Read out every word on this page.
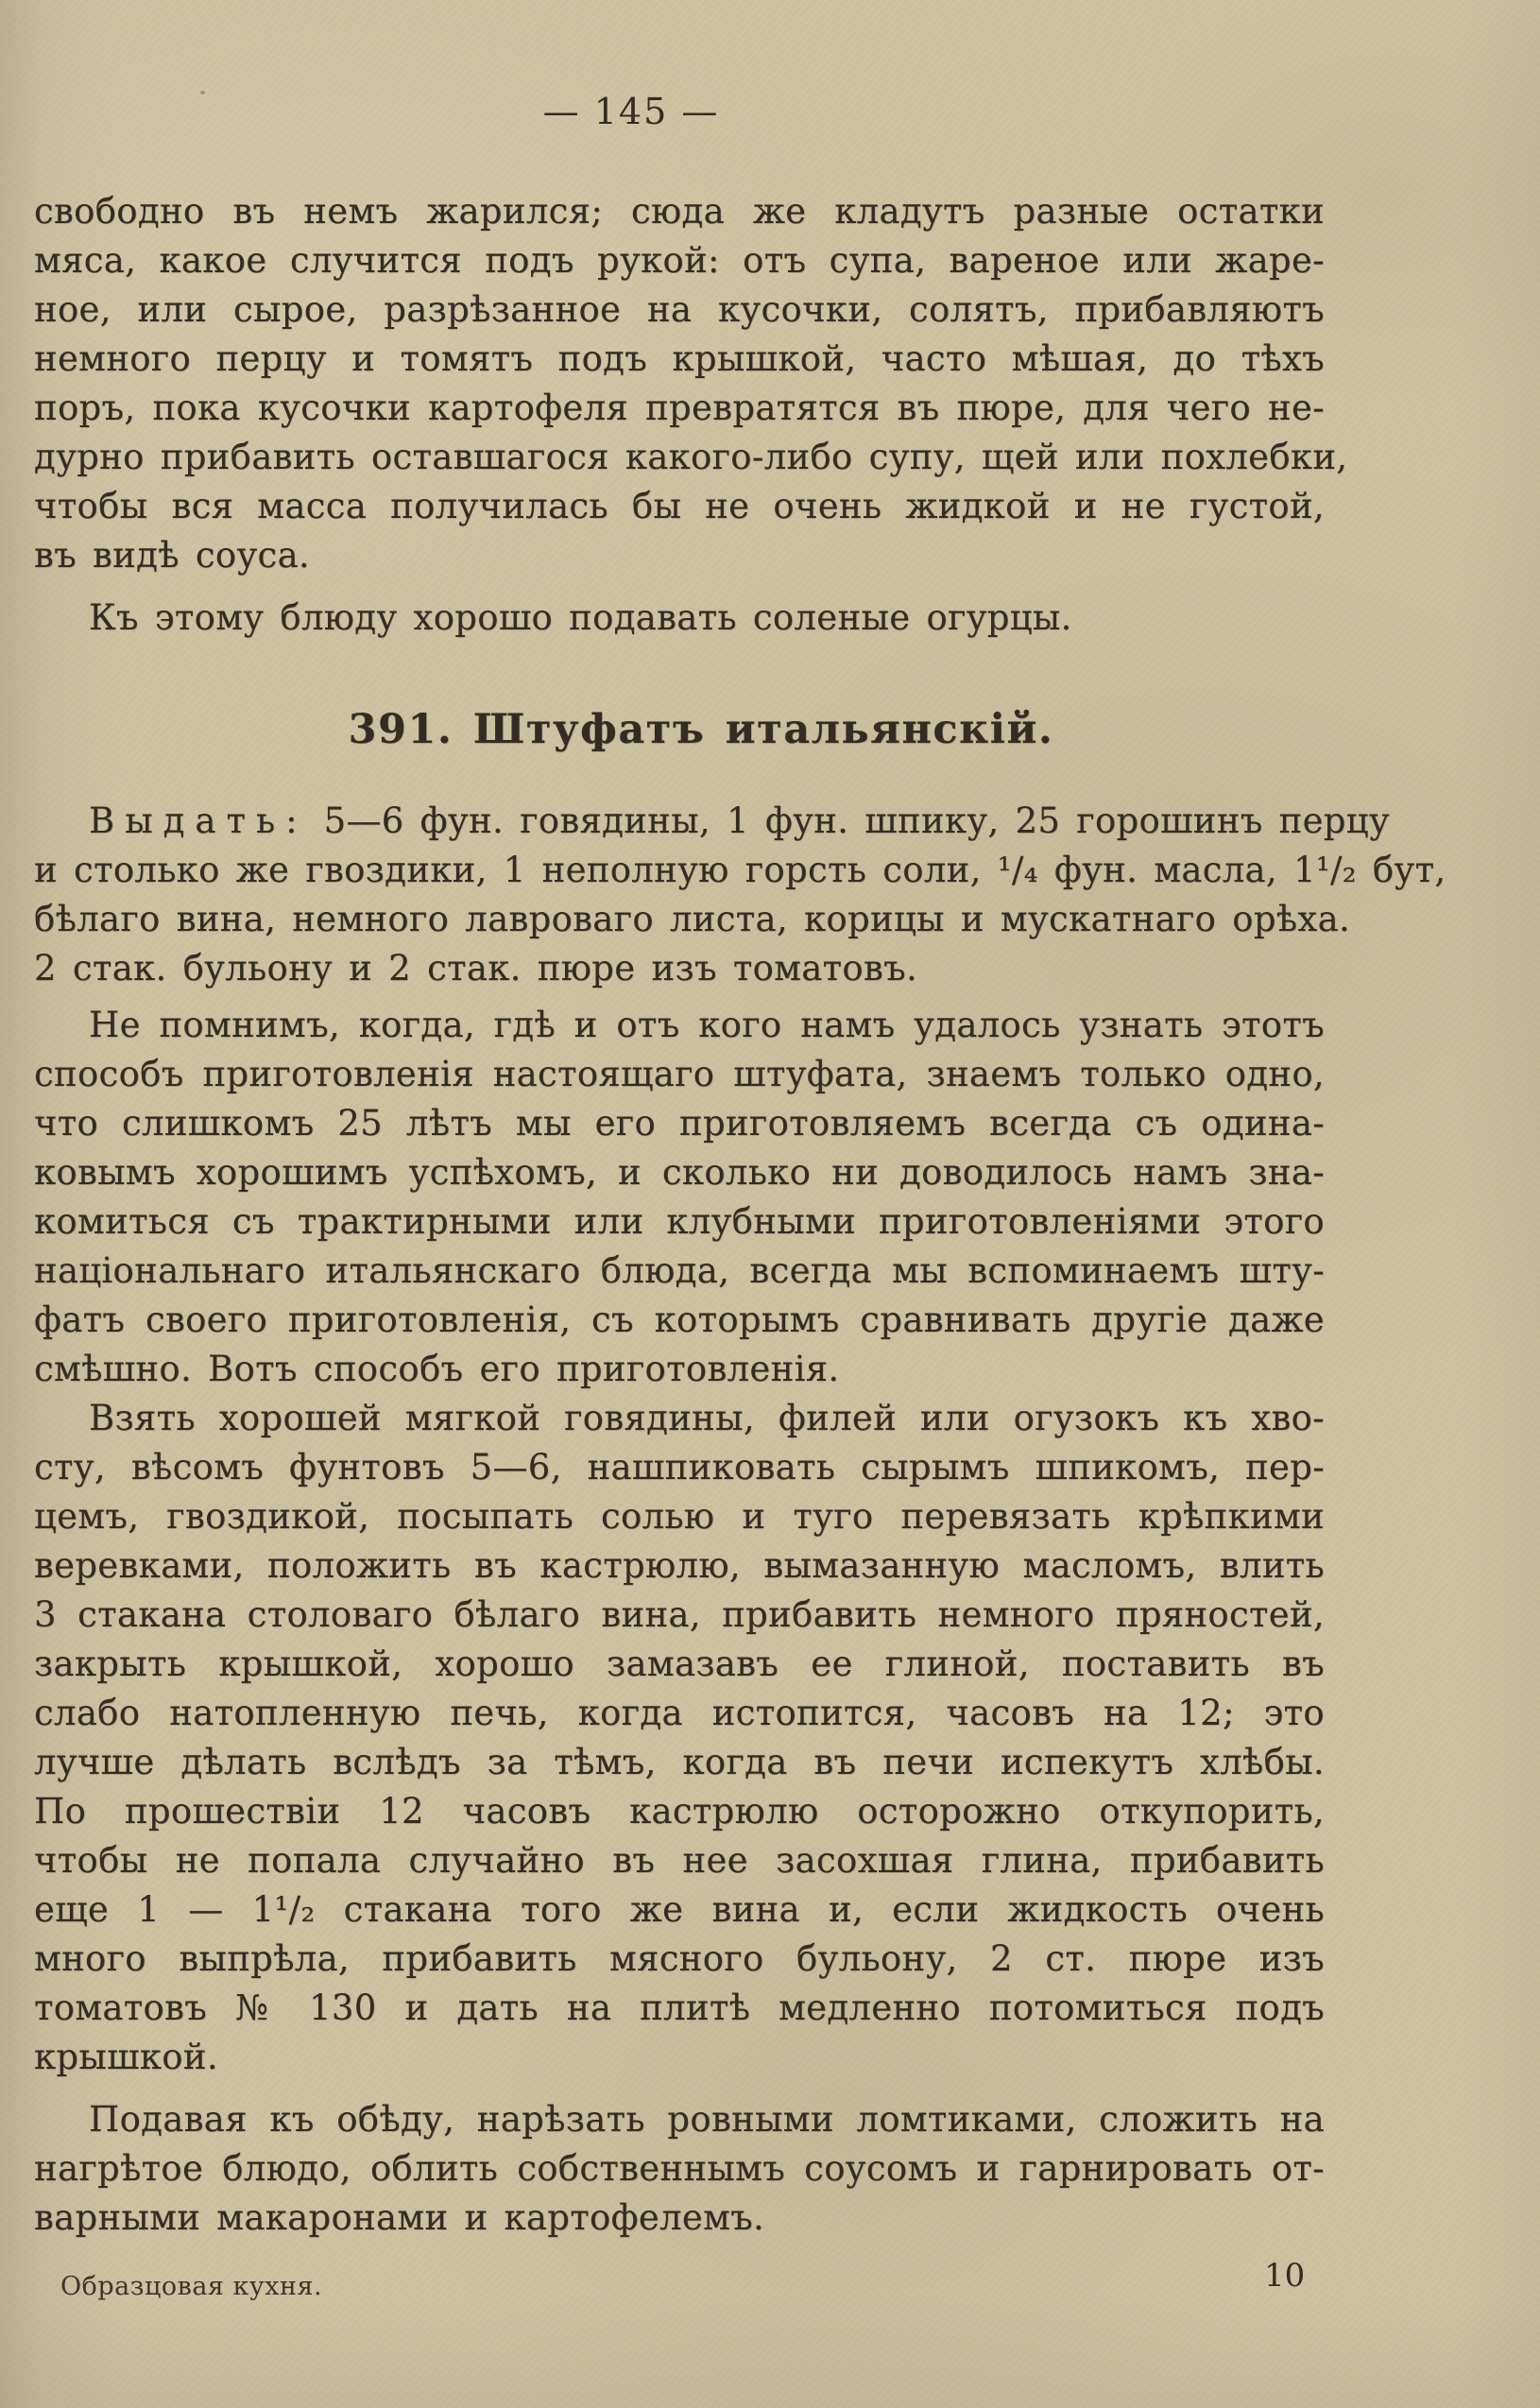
— 145 —
свободно въ немъ жарился; сюда же кладутъ разные остатки
мяса, какое случится подъ рукой: отъ супа, вареное или жаре-
ное, или сырое, разрѣзанное на кусочки, солятъ, прибавляютъ
немного перцу и томятъ подъ крышкой, часто мѣшая, до тѣхъ
поръ, пока кусочки картофеля превратятся въ пюре, для чего не-
дурно прибавить оставшагося какого-либо супу, щей или похлебки,
чтобы вся масса получилась бы не очень жидкой и не густой,
въ видѣ соуса.
Къ этому блюду хорошо подавать соленые огурцы.
391. Штуфатъ итальянскій.
Выдать: 5—6 фун. говядины, 1 фун. шпику, 25 горошинъ перцу
и столько же гвоздики, 1 неполную горсть соли, ¹/₄ фун. масла, 1¹/₂ бут,
бѣлаго вина, немного лавроваго листа, корицы и мускатнаго орѣха.
2 стак. бульону и 2 стак. пюре изъ томатовъ.
Не помнимъ, когда, гдѣ и отъ кого намъ удалось узнать этотъ
способъ приготовленія настоящаго штуфата, знаемъ только одно,
что слишкомъ 25 лѣтъ мы его приготовляемъ всегда съ одина-
ковымъ хорошимъ успѣхомъ, и сколько ни доводилось намъ зна-
комиться съ трактирными или клубными приготовленіями этого
національнаго итальянскаго блюда, всегда мы вспоминаемъ шту-
фатъ своего приготовленія, съ которымъ сравнивать другіе даже
смѣшно. Вотъ способъ его приготовленія.
Взять хорошей мягкой говядины, филей или огузокъ къ хво-
сту, вѣсомъ фунтовъ 5—6, нашпиковать сырымъ шпикомъ, пер-
цемъ, гвоздикой, посыпать солью и туго перевязать крѣпкими
веревками, положить въ кастрюлю, вымазанную масломъ, влить
3 стакана столоваго бѣлаго вина, прибавить немного пряностей,
закрыть крышкой, хорошо замазавъ ее глиной, поставить въ
слабо натопленную печь, когда истопится, часовъ на 12; это
лучше дѣлать вслѣдъ за тѣмъ, когда въ печи испекутъ хлѣбы.
По прошествіи 12 часовъ кастрюлю осторожно откупорить,
чтобы не попала случайно въ нее засохшая глина, прибавить
еще 1 — 1¹/₂ стакана того же вина и, если жидкость очень
много выпрѣла, прибавить мясного бульону, 2 ст. пюре изъ
томатовъ № 130 и дать на плитѣ медленно потомиться подъ
крышкой.
Подавая къ обѣду, нарѣзать ровными ломтиками, сложить на
нагрѣтое блюдо, облить собственнымъ соусомъ и гарнировать от-
варными макаронами и картофелемъ.
Образцовая кухня.	10
